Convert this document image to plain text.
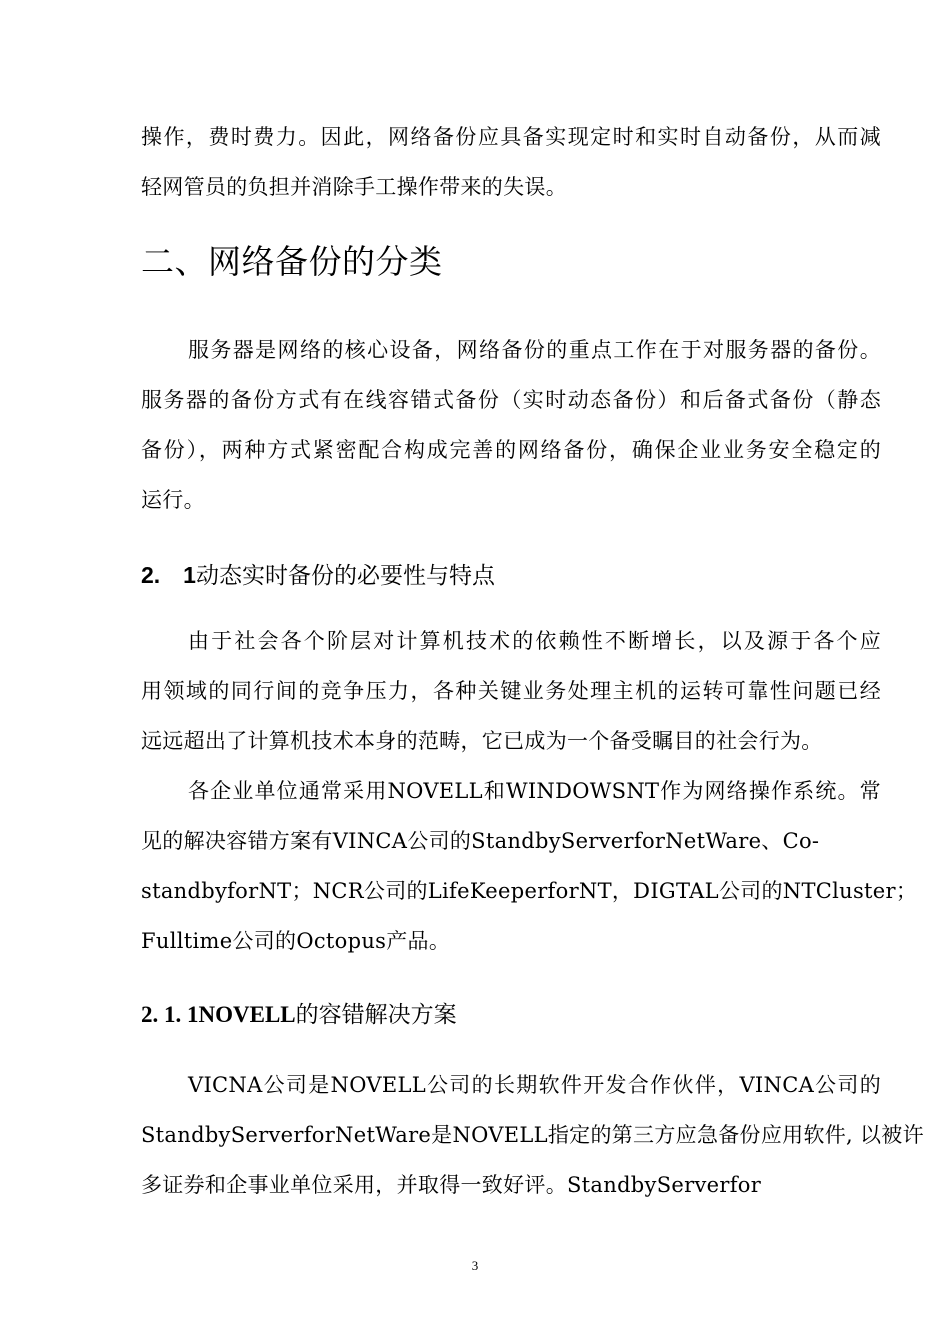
操作，费时费力。因此，网络备份应具备实现定时和实时自动备份，从而减
轻网管员的负担并消除手工操作带来的失误。
二、网络备份的分类
服务器是网络的核心设备，网络备份的重点工作在于对服务器的备份。
服务器的备份方式有在线容错式备份（实时动态备份）和后备式备份（静态
备份），两种方式紧密配合构成完善的网络备份，确保企业业务安全稳定的
运行。
2.　1动态实时备份的必要性与特点
由于社会各个阶层对计算机技术的依赖性不断增长，以及源于各个应
用领域的同行间的竞争压力，各种关键业务处理主机的运转可靠性问题已经
远远超出了计算机技术本身的范畴，它已成为一个备受瞩目的社会行为。
各企业单位通常采用NOVELL和WINDOWSNT作为网络操作系统。常
见的解决容错方案有VINCA公司的StandbyServerforNetWare、Co-
standbyforNT；NCR公司的LifeKeeperforNT，DIGTAL公司的NTCluster；
Fulltime公司的Octopus产品。
2. 1. 1NOVELL的容错解决方案
VICNA公司是NOVELL公司的长期软件开发合作伙伴，VINCA公司的
StandbyServerforNetWare是NOVELL指定的第三方应急备份应用软件, 以被许
多证券和企事业单位采用，并取得一致好评。StandbyServerfor
3
